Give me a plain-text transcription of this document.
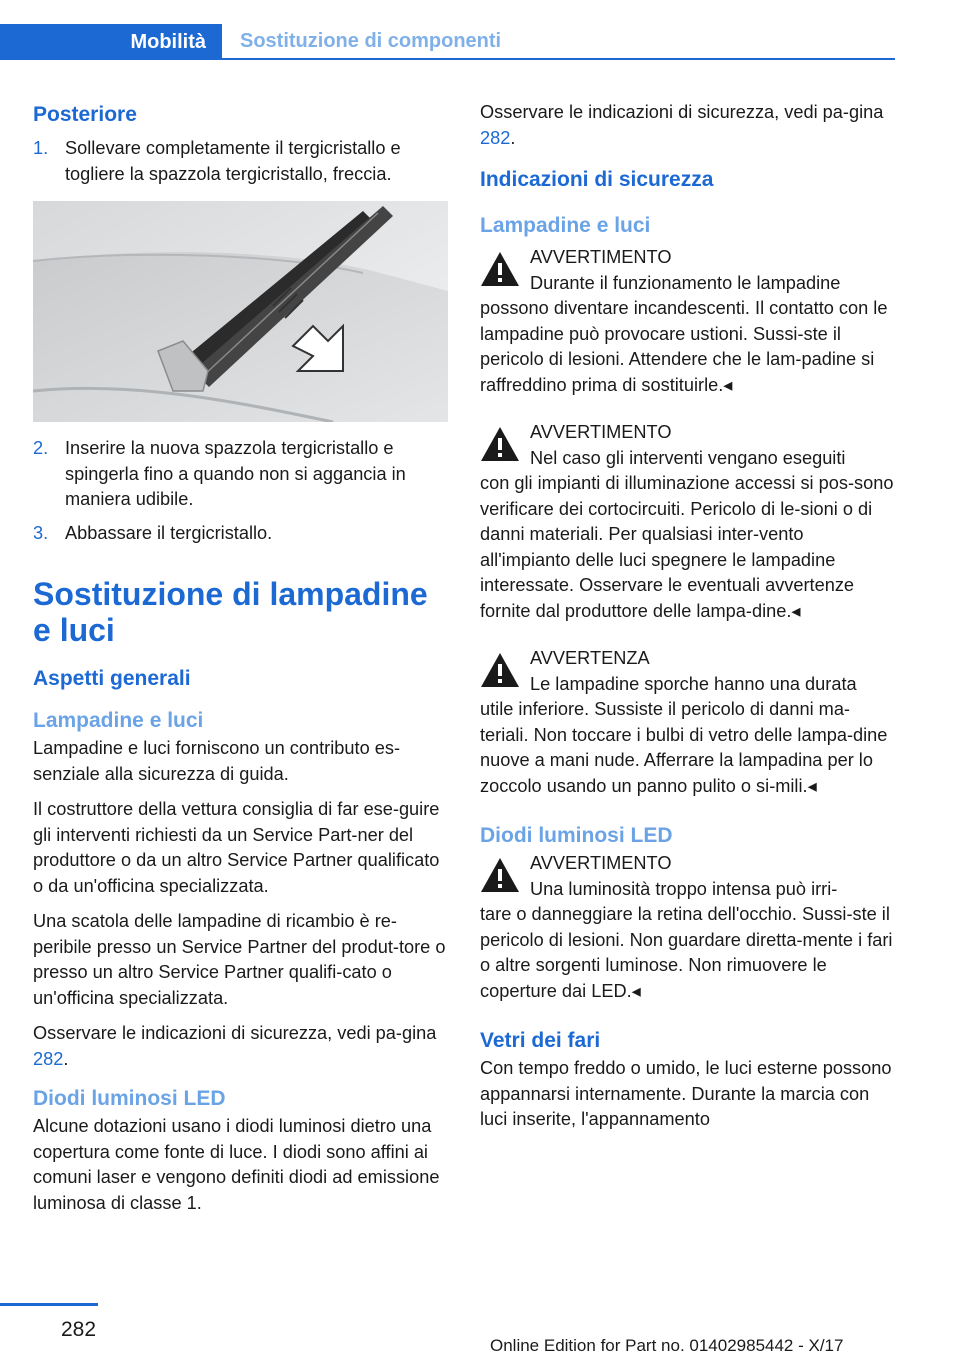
Mobilità	Sostituzione di componenti
Posteriore
1. Sollevare completamente il tergicristallo e togliere la spazzola tergicristallo, freccia.
2. Inserire la nuova spazzola tergicristallo e spingerla fino a quando non si aggancia in maniera udibile.
3. Abbassare il tergicristallo.
Sostituzione di lampadine e luci
Aspetti generali
Lampadine e luci

Lampadine e luci forniscono un contributo es-senziale alla sicurezza di guida.

Il costruttore della vettura consiglia di far ese-guire gli interventi richiesti da un Service Part-ner del produttore o da un altro Service Partner qualificato o da un'officina specializzata.

Una scatola delle lampadine di ricambio è re-peribile presso un Service Partner del produt-tore o presso un altro Service Partner qualifi-cato o un'officina specializzata.

Osservare le indicazioni di sicurezza, vedi pa-gina 282.

Diodi luminosi LED

Alcune dotazioni usano i diodi luminosi dietro una copertura come fonte di luce. I diodi sono affini ai comuni laser e vengono definiti diodi ad emissione luminosa di classe 1.

Osservare le indicazioni di sicurezza, vedi pa-gina 282.

Indicazioni di sicurezza
Lampadine e luci
AVVERTIMENTO
Durante il funzionamento le lampadine

possono diventare incandescenti. Il contatto con le lampadine può provocare ustioni. Sussi-ste il pericolo di lesioni. Attendere che le lam-padine si raffreddino prima di sostituirle.◂

AVVERTIMENTO
Nel caso gli interventi vengano eseguiti

con gli impianti di illuminazione accessi si pos-sono verificare dei cortocircuiti. Pericolo di le-sioni o di danni materiali. Per qualsiasi inter-vento all'impianto delle luci spegnere le lampadine interessate. Osservare le eventuali avvertenze fornite dal produttore delle lampa-dine.◂

AVVERTENZA
Le lampadine sporche hanno una durata

utile inferiore. Sussiste il pericolo di danni ma-teriali. Non toccare i bulbi di vetro delle lampa-dine nuove a mani nude. Afferrare la lampadina per lo zoccolo usando un panno pulito o si-mili.◂

Diodi luminosi LED
AVVERTIMENTO
Una luminosità troppo intensa può irri-

tare o danneggiare la retina dell'occhio. Sussi-ste il pericolo di lesioni. Non guardare diretta-mente i fari o altre sorgenti luminose. Non rimuovere le coperture dai LED.◂

Vetri dei fari

Con tempo freddo o umido, le luci esterne possono appannarsi internamente. Durante la marcia con luci inserite, l'appannamento

282
Online Edition for Part no. 01402985442 - X/17
